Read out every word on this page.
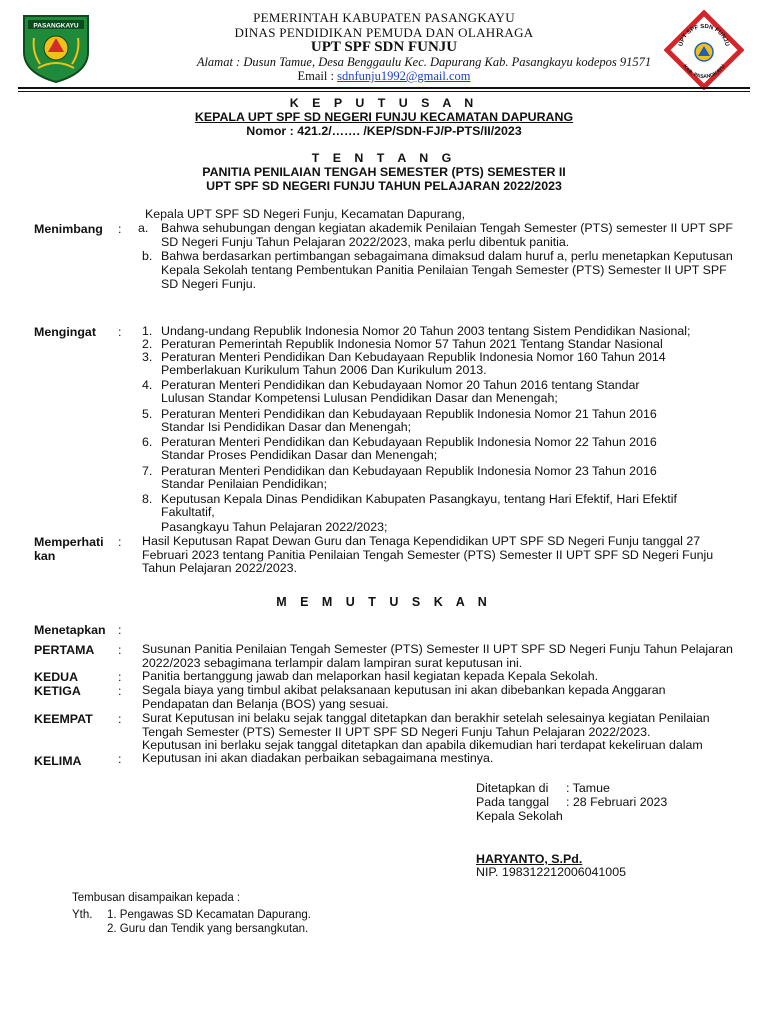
PASANGKAYU
UPT SPF SDN FUNJU
KAB. PASANGKAYU
PEMERINTAH KABUPATEN PASANGKAYU
DINAS PENDIDIKAN PEMUDA DAN OLAHRAGA
UPT SPF SDN FUNJU
Alamat : Dusun Tamue, Desa Benggaulu Kec. Dapurang Kab. Pasangkayu kodepos 91571
Email : sdnfunju1992@gmail.com
K E P U T U S A N
KEPALA UPT SPF SD NEGERI FUNJU KECAMATAN DAPURANG
Nomor : 421.2/……. /KEP/SDN-FJ/P-PTS/II/2023
T E N T A N G
PANITIA PENILAIAN TENGAH SEMESTER (PTS) SEMESTER II
UPT SPF SD NEGERI FUNJU TAHUN PELAJARAN 2022/2023
Kepala UPT SPF SD Negeri Funju, Kecamatan Dapurang,
Menimbang : a. Bahwa sehubungan dengan kegiatan akademik Penilaian Tengah Semester (PTS) semester II UPT SPF
SD Negeri Funju Tahun Pelajaran 2022/2023, maka perlu dibentuk panitia.
b. Bahwa berdasarkan pertimbangan sebagaimana dimaksud dalam huruf a, perlu menetapkan Keputusan
Kepala Sekolah tentang Pembentukan Panitia Penilaian Tengah Semester (PTS) Semester II UPT SPF
SD Negeri Funju.
Mengingat : 1. Undang-undang Republik Indonesia Nomor 20 Tahun 2003 tentang Sistem Pendidikan Nasional;
2. Peraturan Pemerintah Republik Indonesia Nomor 57 Tahun 2021 Tentang Standar Nasional
3. Peraturan Menteri Pendidikan Dan Kebudayaan Republik Indonesia Nomor 160 Tahun 2014
Pemberlakuan Kurikulum Tahun 2006 Dan Kurikulum 2013.
4. Peraturan Menteri Pendidikan dan Kebudayaan Nomor 20 Tahun 2016 tentang Standar
Lulusan Standar Kompetensi Lulusan Pendidikan Dasar dan Menengah;
5. Peraturan Menteri Pendidikan dan Kebudayaan Republik Indonesia Nomor 21 Tahun 2016
Standar Isi Pendidikan Dasar dan Menengah;
6. Peraturan Menteri Pendidikan dan Kebudayaan Republik Indonesia Nomor 22 Tahun 2016
Standar Proses Pendidikan Dasar dan Menengah;
7. Peraturan Menteri Pendidikan dan Kebudayaan Republik Indonesia Nomor 23 Tahun 2016
Standar Penilaian Pendidikan;
8. Keputusan Kepala Dinas Pendidikan Kabupaten Pasangkayu, tentang Hari Efektif, Hari Efektif
Fakultatif,
Pasangkayu Tahun Pelajaran 2022/2023;
Memperhati
kan
: Hasil Keputusan Rapat Dewan Guru dan Tenaga Kependidikan UPT SPF SD Negeri Funju tanggal 27
Februari 2023 tentang Panitia Penilaian Tengah Semester (PTS) Semester II UPT SPF SD Negeri Funju
Tahun Pelajaran 2022/2023.
M E M U T U S K A N
Menetapkan :
PERTAMA : Susunan Panitia Penilaian Tengah Semester (PTS) Semester II UPT SPF SD Negeri Funju Tahun Pelajaran
2022/2023 sebagimana terlampir dalam lampiran surat keputusan ini.
KEDUA	: Panitia bertanggung jawab dan melaporkan hasil kegiatan kepada Kepala Sekolah.
KETIGA	: Segala biaya yang timbul akibat pelaksanaan keputusan ini akan dibebankan kepada Anggaran
Pendapatan dan Belanja (BOS) yang sesuai.
KEEMPAT : Surat Keputusan ini belaku sejak tanggal ditetapkan dan berakhir setelah selesainya kegiatan Penilaian
Tengah Semester (PTS) Semester II UPT SPF SD Negeri Funju Tahun Pelajaran 2022/2023.
Keputusan ini berlaku sejak tanggal ditetapkan dan apabila dikemudian hari terdapat kekeliruan dalam
KELIMA	: Keputusan ini akan diadakan perbaikan sebagaimana mestinya.
Ditetapkan di : Tamue
Pada tanggal : 28 Februari 2023
Kepala Sekolah
HARYANTO, S.Pd.
NIP. 198312212006041005
Tembusan disampaikan kepada :
Yth. 1. Pengawas SD Kecamatan Dapurang.
2. Guru dan Tendik yang bersangkutan.
